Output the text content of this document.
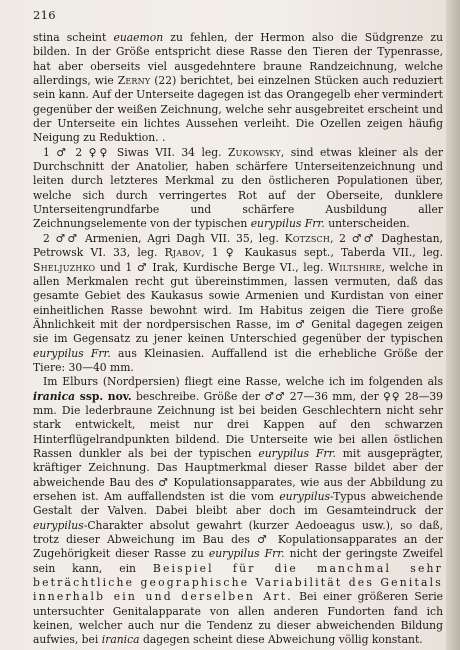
216

stina scheint euaemon zu fehlen, der Hermon also die Südgrenze zu bilden. In der Größe entspricht diese Rasse den Tieren der Typenrasse, hat aber oberseits viel ausgedehntere braune Randzeichnung, welche allerdings, wie Zerny (22) berichtet, bei einzelnen Stücken auch reduziert sein kann. Auf der Unterseite dagegen ist das Orangegelb eher vermindert gegenüber der weißen Zeichnung, welche sehr ausgebreitet erscheint und der Unterseite ein lichtes Aussehen verleiht. Die Ozellen zeigen häufig Neigung zu Reduktion. .

1 ♂ 2 ♀♀ Siwas VII. 34 leg. Zukowsky, sind etwas kleiner als der Durchschnitt der Anatolier, haben schärfere Unterseitenzeichnung und leiten durch letzteres Merkmal zu den östlicheren Populationen über, welche sich durch verringertes Rot auf der Oberseite, dunklere Unterseitengrundfarbe und schärfere Ausbildung aller Zeichnungselemente von der typischen eurypilus Frr. unterscheiden.

2 ♂♂ Armenien, Agri Dagh VII. 35, leg. Kotzsch, 2 ♂♂ Daghestan, Petrowsk VI. 33, leg. Rjabov, 1 ♀ Kaukasus sept., Taberda VII., leg. Sheljuzhko und 1 ♂ Irak, Kurdische Berge VI., leg. Wiltshire, welche in allen Merkmalen recht gut übereinstimmen, lassen vermuten, daß das gesamte Gebiet des Kaukasus sowie Armenien und Kurdistan von einer einheitlichen Rasse bewohnt wird. Im Habitus zeigen die Tiere große Ähnlichkeit mit der nordpersischen Rasse, im ♂ Genital dagegen zeigen sie im Gegensatz zu jener keinen Unterschied gegenüber der typischen eurypilus Frr. aus Kleinasien. Auffallend ist die erhebliche Größe der Tiere: 30—40 mm.

Im Elburs (Nordpersien) fliegt eine Rasse, welche ich im folgenden als iranica ssp. nov. beschreibe. Größe der ♂♂ 27—36 mm, der ♀♀ 28—39 mm. Die lederbraune Zeichnung ist bei beiden Geschlechtern nicht sehr stark entwickelt, meist nur drei Kappen auf den schwarzen Hinterflügelrandpunkten bildend. Die Unterseite wie bei allen östlichen Rassen dunkler als bei der typischen eurypilus Frr. mit ausgeprägter, kräftiger Zeichnung. Das Hauptmerkmal dieser Rasse bildet aber der abweichende Bau des ♂ Kopulationsapparates, wie aus der Abbildung zu ersehen ist. Am auffallendsten ist die vom eurypilus-Typus abweichende Gestalt der Valven. Dabei bleibt aber doch im Gesamteindruck der eurypilus-Charakter absolut gewahrt (kurzer Aedoeagus usw.), so daß, trotz dieser Abweichung im Bau des ♂ Kopulationsapparates an der Zugehörigkeit dieser Rasse zu eurypilus Frr. nicht der geringste Zweifel sein kann, ein Beispiel für die manchmal sehr beträchtliche geographische Variabilität des Genitals innerhalb ein und derselben Art. Bei einer größeren Serie untersuchter Genitalapparate von allen anderen Fundorten fand ich keinen, welcher auch nur die Tendenz zu dieser abweichenden Bildung aufwies, bei iranica dagegen scheint diese Abweichung völlig konstant.
